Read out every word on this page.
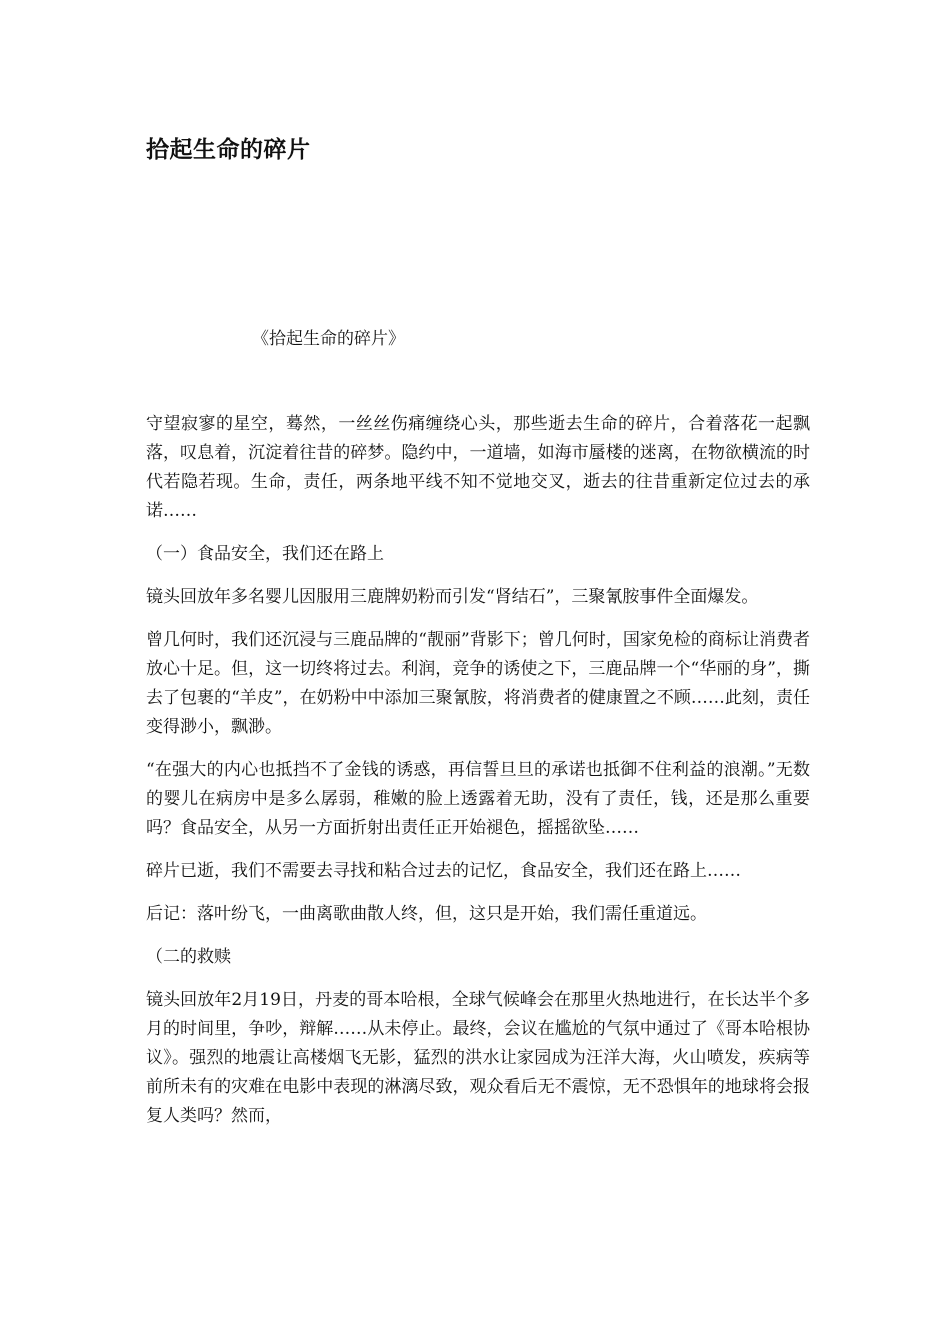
拾起生命的碎片

《拾起生命的碎片》

守望寂寥的星空，蓦然，一丝丝伤痛缠绕心头，那些逝去生命的碎片，合着落花一起飘落，叹息着，沉淀着往昔的碎梦。隐约中，一道墙，如海市蜃楼的迷离，在物欲横流的时代若隐若现。生命，责任，两条地平线不知不觉地交叉，逝去的往昔重新定位过去的承诺……

（一）食品安全，我们还在路上

镜头回放年多名婴儿因服用三鹿牌奶粉而引发“肾结石”，三聚氰胺事件全面爆发。

曾几何时，我们还沉浸与三鹿品牌的“靓丽”背影下；曾几何时，国家免检的商标让消费者放心十足。但，这一切终将过去。利润，竞争的诱使之下，三鹿品牌一个“华丽的身”，撕去了包裹的“羊皮”，在奶粉中中添加三聚氰胺，将消费者的健康置之不顾……此刻，责任变得渺小，飘渺。

“在强大的内心也抵挡不了金钱的诱惑，再信誓旦旦的承诺也抵御不住利益的浪潮。”无数的婴儿在病房中是多么孱弱，稚嫩的脸上透露着无助，没有了责任，钱，还是那么重要吗？食品安全，从另一方面折射出责任正开始褪色，摇摇欲坠……

碎片已逝，我们不需要去寻找和粘合过去的记忆，食品安全，我们还在路上……

后记：落叶纷飞，一曲离歌曲散人终，但，这只是开始，我们需任重道远。

（二的救赎

镜头回放年2月19日，丹麦的哥本哈根，全球气候峰会在那里火热地进行，在长达半个多月的时间里，争吵，辩解……从未停止。最终，会议在尴尬的气氛中通过了《哥本哈根协议》。强烈的地震让高楼烟飞无影，猛烈的洪水让家园成为汪洋大海，火山喷发，疾病等前所未有的灾难在电影中表现的淋漓尽致，观众看后无不震惊，无不恐惧年的地球将会报复人类吗？然而，
